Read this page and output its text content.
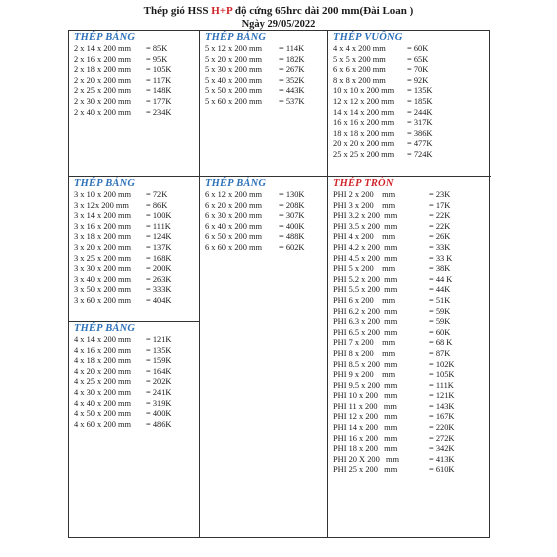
Thép gió HSS H+P độ cứng 65hrc dài 200 mm(Đài Loan )
Ngày 29/05/2022
THÉP BẢNG
2 x 14 x 200 mm	= 85K
2 x 16 x 200 mm	= 95K
2 x 18 x 200 mm	= 105K
2 x 20 x 200 mm	= 117K
2 x 25 x 200 mm	= 148K
2 x 30 x 200 mm	= 177K
2 x 40 x 200 mm	= 234K
THÉP BẢNG
3 x 10 x 200 mm	= 72K
3 x 12x 200 mm	= 86K
3 x 14 x 200 mm	= 100K
3 x 16 x 200 mm	= 111K
3 x 18 x 200 mm	= 124K
3 x 20 x 200 mm	= 137K
3 x 25 x 200 mm	= 168K
3 x 30 x 200 mm	= 200K
3 x 40 x 200 mm	= 263K
3 x 50 x 200 mm	= 333K
3 x 60 x 200 mm	= 404K
THÉP BẢNG
4 x 14 x 200 mm	= 121K
4 x 16 x 200 mm	= 135K
4 x 18 x 200 mm	= 159K
4 x 20 x 200 mm	= 164K
4 x 25 x 200 mm	= 202K
4 x 30 x 200 mm	= 241K
4 x 40 x 200 mm	= 319K
4 x 50 x 200 mm	= 400K
4 x 60 x 200 mm	= 486K
THÉP BẢNG
5 x 12 x 200 mm	= 114K
5 x 20 x 200 mm	= 182K
5 x 30 x 200 mm	= 267K
5 x 40 x 200 mm	= 352K
5 x 50 x 200 mm	= 443K
5 x 60 x 200 mm	= 537K
THÉP BẢNG
6 x 12 x 200 mm	= 130K
6 x 20 x 200 mm	= 208K
6 x 30 x 200 mm	= 307K
6 x 40 x 200 mm	= 400K
6 x 50 x 200 mm	= 488K
6 x 60 x 200 mm	= 602K
THÉP VUÔNG
4 x 4 x 200 mm	= 60K
5 x 5 x 200 mm	= 65K
6 x 6 x 200 mm	= 70K
8 x 8 x 200 mm	= 92K
10 x 10 x 200 mm	= 135K
12 x 12 x 200 mm	= 185K
14 x 14 x 200 mm	= 244K
16 x 16 x 200 mm	= 317K
18 x 18 x 200 mm	= 386K
20 x 20 x 200 mm	= 477K
25 x 25 x 200 mm	= 724K
THÉP TRÒN
PHI 2 x 200    mm	= 23K
PHI 3 x 200    mm	= 17K
PHI 3.2 x 200  mm	= 22K
PHI 3.5 x 200  mm	= 22K
PHI 4 x 200    mm	= 26K
PHI 4.2 x 200  mm	= 33K
PHI 4.5 x 200  mm	= 33 K
PHI 5 x 200    mm	= 38K
PHI 5.2 x 200  mm	= 44 K
PHI 5.5 x 200  mm	= 44K
PHI 6 x 200    mm	= 51K
PHI 6.2 x 200  mm	= 59K
PHI 6.3 x 200  mm	= 59K
PHI 6.5 x 200  mm	= 60K
PHI 7 x 200    mm	= 68 K
PHI 8 x 200    mm	= 87K
PHI 8.5 x 200  mm	= 102K
PHI 9 x 200    mm	= 105K
PHI 9.5 x 200  mm	= 111K
PHI 10 x 200   mm	= 121K
PHI 11 x 200   mm	= 143K
PHI 12 x 200   mm	= 167K
PHI 14 x 200   mm	= 220K
PHI 16 x 200   mm	= 272K
PHI 18 x 200   mm	= 342K
PHI 20 X 200   mm	= 413K
PHI 25 x 200   mm	= 610K
